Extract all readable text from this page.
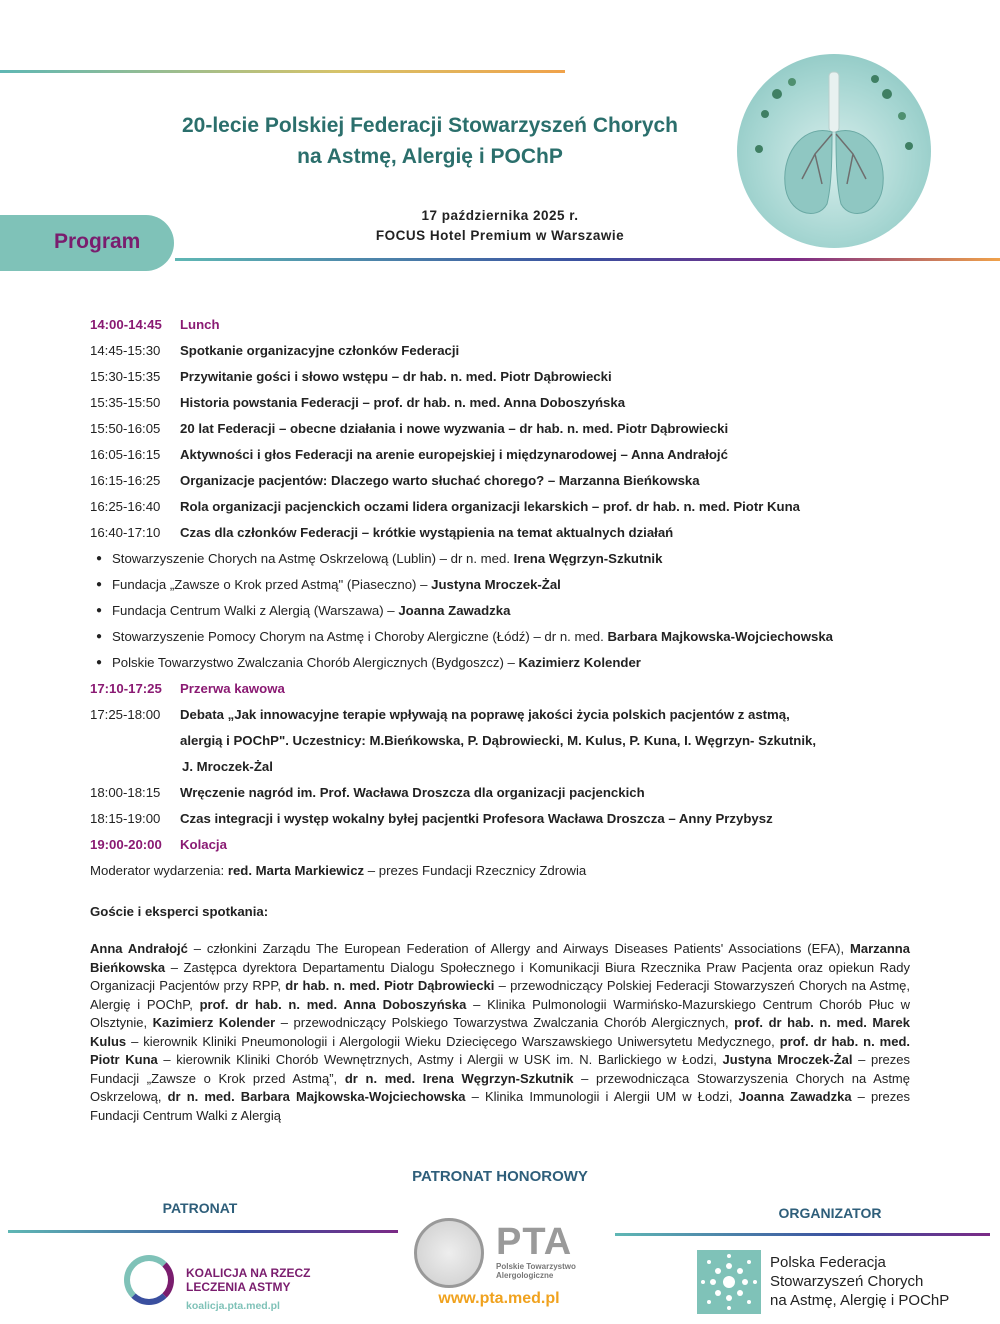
20-lecie Polskiej Federacji Stowarzyszeń Chorych
na Astmę, Alergię i POChP
17 października 2025 r.
FOCUS Hotel Premium w Warszawie
Program
14:00-14:45	Lunch
14:45-15:30	Spotkanie organizacyjne członków Federacji
15:30-15:35	Przywitanie gości i słowo wstępu – dr hab. n. med. Piotr Dąbrowiecki
15:35-15:50	Historia powstania Federacji – prof. dr hab. n. med. Anna Doboszyńska
15:50-16:05	20 lat Federacji – obecne działania i nowe wyzwania – dr hab. n. med. Piotr Dąbrowiecki
16:05-16:15	Aktywności i głos Federacji na arenie europejskiej i międzynarodowej – Anna Andrałojć
16:15-16:25	Organizacje pacjentów: Dlaczego warto słuchać chorego? – Marzanna Bieńkowska
16:25-16:40	Rola organizacji pacjenckich oczami lidera organizacji lekarskich – prof. dr hab. n. med. Piotr Kuna
16:40-17:10	Czas dla członków Federacji – krótkie wystąpienia na temat aktualnych działań
● Stowarzyszenie Chorych na Astmę Oskrzelową (Lublin) – dr n. med. Irena Węgrzyn-Szkutnik
● Fundacja „Zawsze o Krok przed Astmą" (Piaseczno) – Justyna Mroczek-Żal
● Fundacja Centrum Walki z Alergią (Warszawa) – Joanna Zawadzka
● Stowarzyszenie Pomocy Chorym na Astmę i Choroby Alergiczne (Łódź) – dr n. med. Barbara Majkowska-Wojciechowska
● Polskie Towarzystwo Zwalczania Chorób Alergicznych (Bydgoszcz) – Kazimierz Kolender
17:10-17:25	Przerwa kawowa
17:25-18:00	Debata „Jak innowacyjne terapie wpływają na poprawę jakości życia polskich pacjentów z astmą,
alergią i POChP". Uczestnicy: M.Bieńkowska, P. Dąbrowiecki, M. Kulus, P. Kuna, I. Węgrzyn- Szkutnik,
J. Mroczek-Żal
18:00-18:15	Wręczenie nagród im. Prof. Wacława Droszcza dla organizacji pacjenckich
18:15-19:00	Czas integracji i występ wokalny byłej pacjentki Profesora Wacława Droszcza – Anny Przybysz
19:00-20:00	Kolacja
Moderator wydarzenia: red. Marta Markiewicz – prezes Fundacji Rzecznicy Zdrowia
Goście i eksperci spotkania:
Anna Andrałojć – członkini Zarządu The European Federation of Allergy and Airways Diseases Patients' Associations (EFA), Marzanna Bieńkowska – Zastępca dyrektora Departamentu Dialogu Społecznego i Komunikacji Biura Rzecznika Praw Pacjenta oraz opiekun Rady Organizacji Pacjentów przy RPP, dr hab. n. med. Piotr Dąbrowiecki – przewodniczący Polskiej Federacji Stowarzyszeń Chorych na Astmę, Alergię i POChP, prof. dr hab. n. med. Anna Doboszyńska – Klinika Pulmonologii Warmińsko-Mazurskiego Centrum Chorób Płuc w Olsztynie, Kazimierz Kolender – przewodniczący Polskiego Towarzystwa Zwalczania Chorób Alergicznych, prof. dr hab. n. med. Marek Kulus – kierownik Kliniki Pneumonologii i Alergologii Wieku Dziecięcego Warszawskiego Uniwersytetu Medycznego, prof. dr hab. n. med. Piotr Kuna – kierownik Kliniki Chorób Wewnętrznych, Astmy i Alergii w USK im. N. Barlickiego w Łodzi, Justyna Mroczek-Żal – prezes Fundacji „Zawsze o Krok przed Astmą”, dr n. med. Irena Węgrzyn-Szkutnik – przewodnicząca Stowarzyszenia Chorych na Astmę Oskrzelową, dr n. med. Barbara Majkowska-Wojciechowska – Klinika Immunologii i Alergii UM w Łodzi, Joanna Zawadzka – prezes Fundacji Centrum Walki z Alergią
PATRONAT HONOROWY
PATRONAT	ORGANIZATOR
KOALICJA NA RZECZ
LECZENIA ASTMY
koalicja.pta.med.pl
PTA
Polskie Towarzystwo
Alergologiczne
www.pta.med.pl
Polska Federacja
Stowarzyszeń Chorych
na Astmę, Alergię i POChP
